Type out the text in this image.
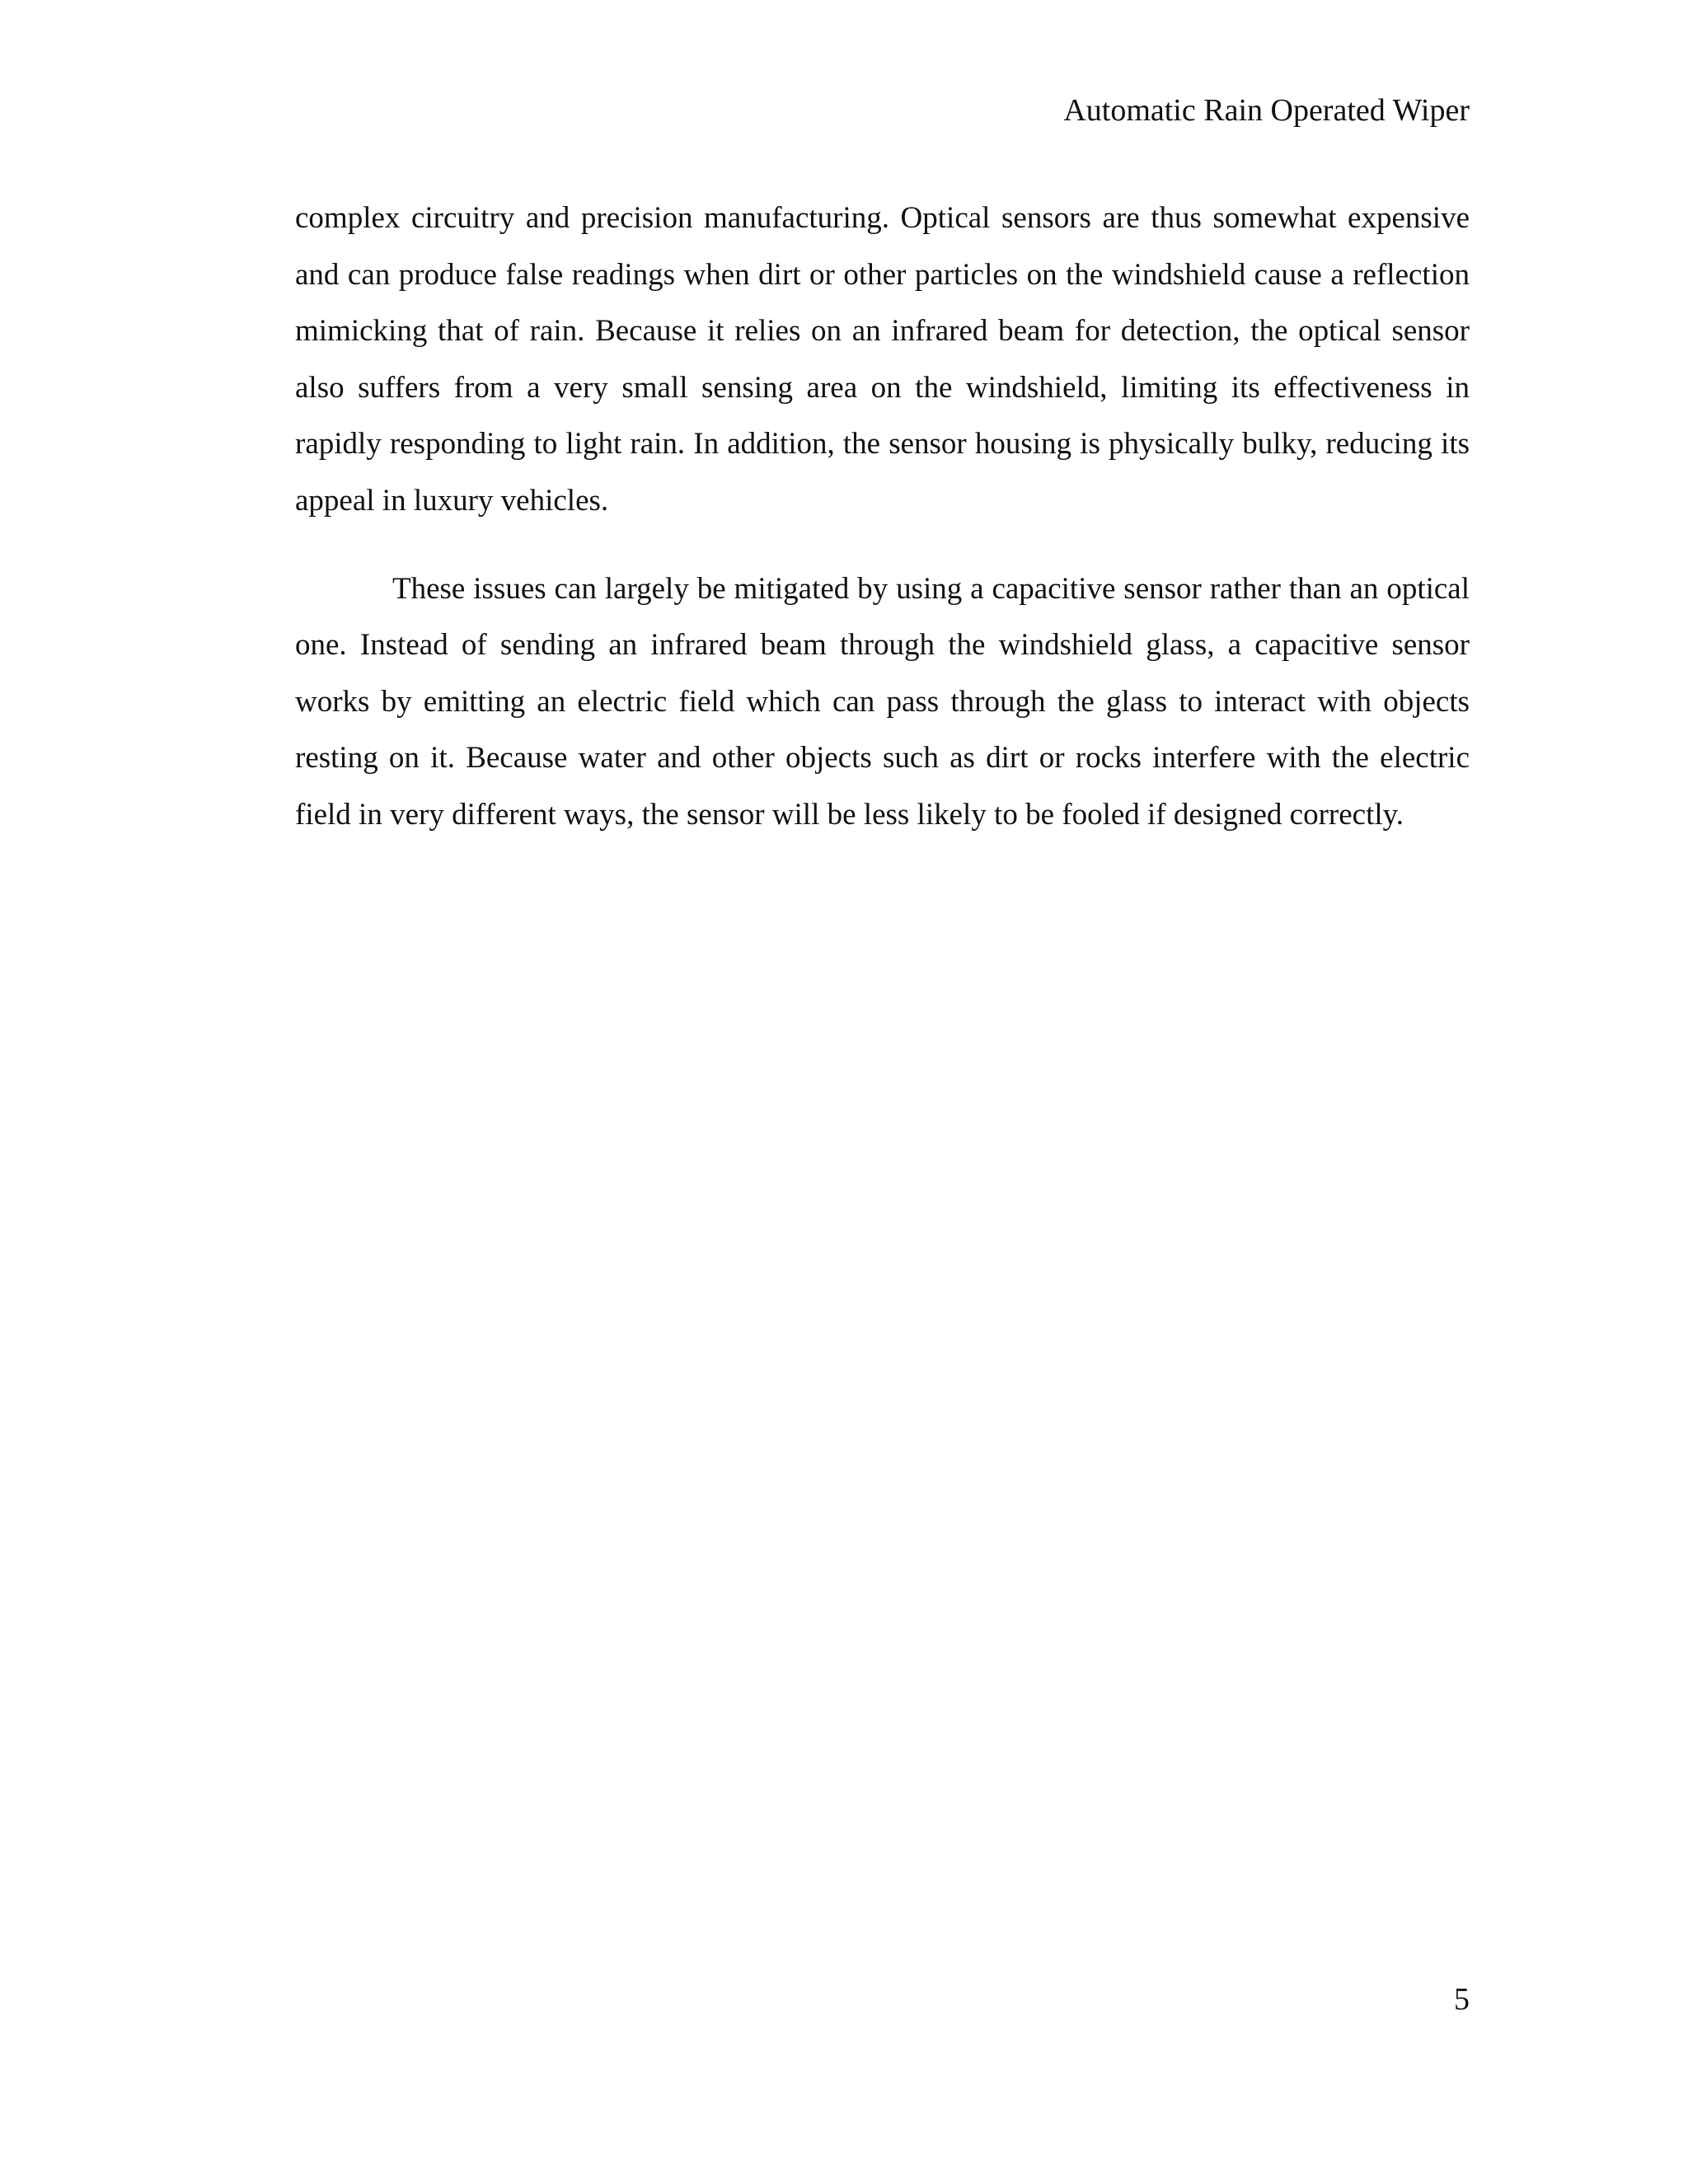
Automatic Rain Operated Wiper

complex circuitry and precision manufacturing. Optical sensors are thus somewhat expensive and can produce false readings when dirt or other particles on the windshield cause a reflection mimicking that of rain. Because it relies on an infrared beam for detection, the optical sensor also suffers from a very small sensing area on the windshield, limiting its effectiveness in rapidly responding to light rain. In addition, the sensor housing is physically bulky, reducing its appeal in luxury vehicles.

These issues can largely be mitigated by using a capacitive sensor rather than an optical one. Instead of sending an infrared beam through the windshield glass, a capacitive sensor works by emitting an electric field which can pass through the glass to interact with objects resting on it. Because water and other objects such as dirt or rocks interfere with the electric field in very different ways, the sensor will be less likely to be fooled if designed correctly.

5
